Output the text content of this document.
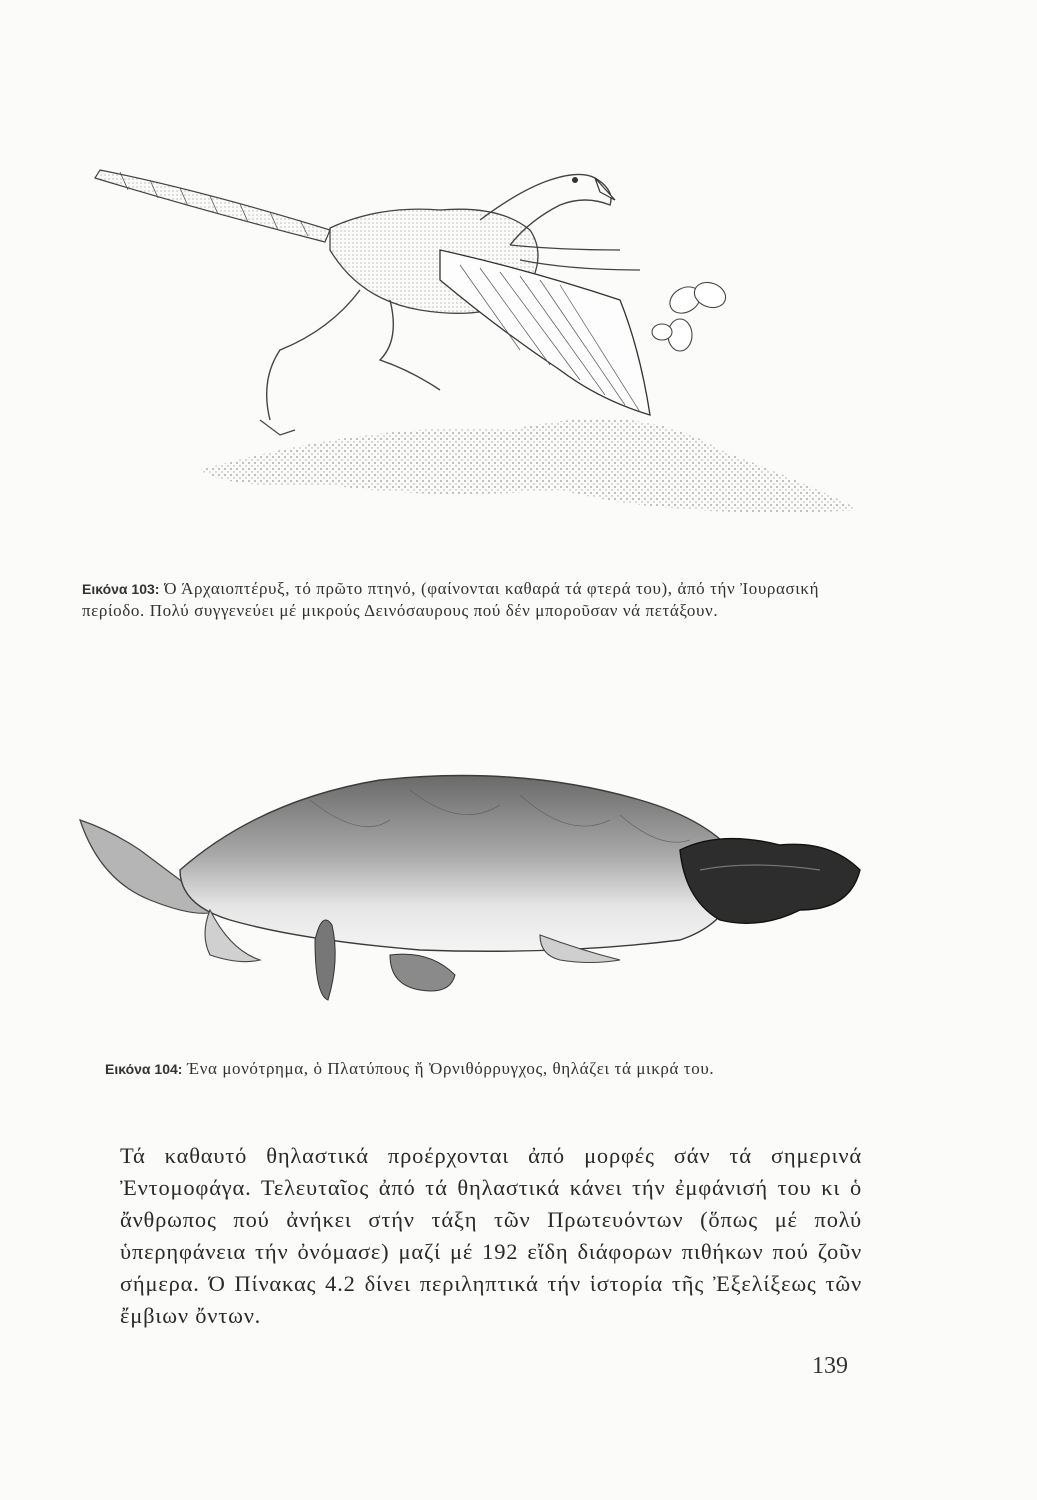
Εικόνα 103: Ό Άρχαιοπτέρυξ, τό πρῶτο πτηνό, (φαίνονται καθαρά τά φτερά του), ἀπό τήν Ἰουρασική περίοδο. Πολύ συγγενεύει μέ μικρούς Δεινόσαυρους πού δέν μποροῦσαν νά πετάξουν.
Εικόνα 104: Ένα μονότρημα, ὁ Πλατύπους ἤ Ὀρνιθόρρυγχος, θηλάζει τά μικρά του.

Τά καθαυτό θηλαστικά προέρχονται ἀπό μορφές σάν τά σημερινά Ἐντομοφάγα. Τελευταῖος ἀπό τά θηλαστικά κάνει τήν ἐμφάνισή του κι ὁ ἄνθρωπος πού ἀνήκει στήν τάξη τῶν Πρωτευόντων (ὅπως μέ πολύ ὑπερηφάνεια τήν ὀνόμασε) μαζί μέ 192 εἴδη διάφορων πιθήκων πού ζοῦν σήμερα. Ό Πίνακας 4.2 δίνει περιληπτικά τήν ἱστορία τῆς Ἐξελίξεως τῶν ἔμβιων ὄντων.

139
